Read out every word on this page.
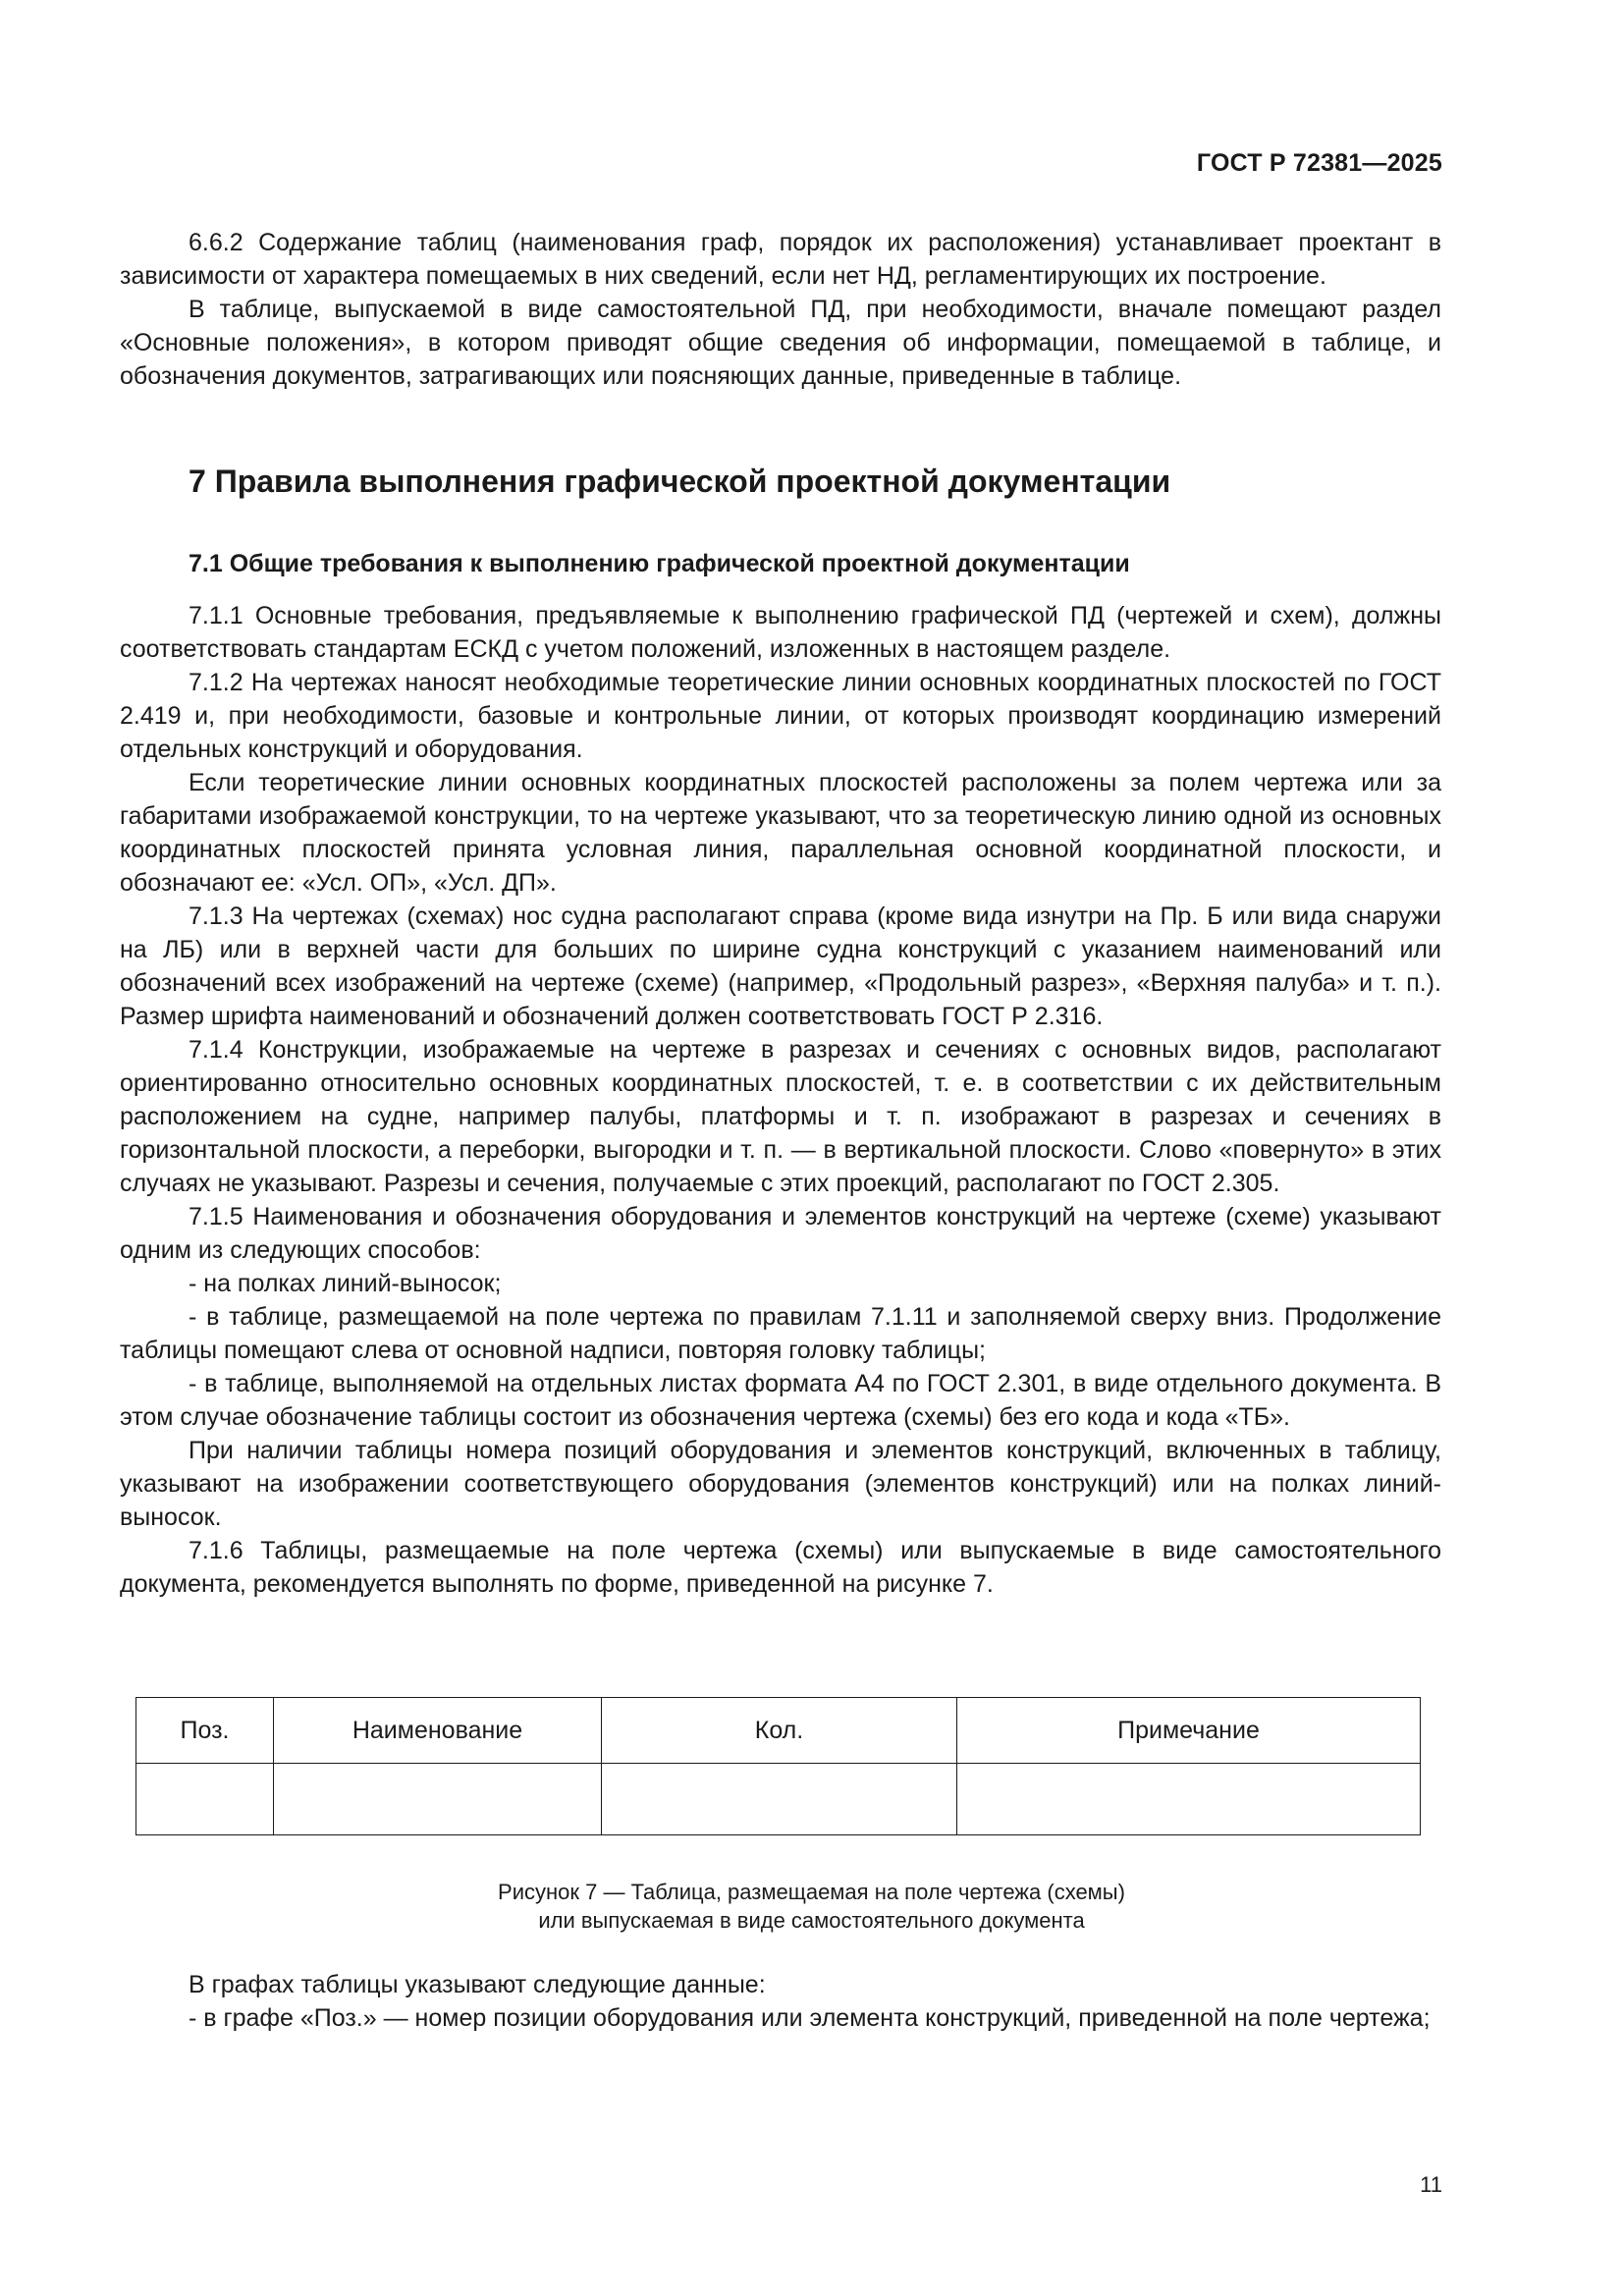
ГОСТ Р 72381—2025

6.6.2 Содержание таблиц (наименования граф, порядок их расположения) устанавливает проектант в зависимости от характера помещаемых в них сведений, если нет НД, регламентирующих их построение.

В таблице, выпускаемой в виде самостоятельной ПД, при необходимости, вначале помещают раздел «Основные положения», в котором приводят общие сведения об информации, помещаемой в таблице, и обозначения документов, затрагивающих или поясняющих данные, приведенные в таблице.

7 Правила выполнения графической проектной документации
7.1 Общие требования к выполнению графической проектной документации

7.1.1 Основные требования, предъявляемые к выполнению графической ПД (чертежей и схем), должны соответствовать стандартам ЕСКД с учетом положений, изложенных в настоящем разделе.

7.1.2 На чертежах наносят необходимые теоретические линии основных координатных плоскостей по ГОСТ 2.419 и, при необходимости, базовые и контрольные линии, от которых производят координацию измерений отдельных конструкций и оборудования.

Если теоретические линии основных координатных плоскостей расположены за полем чертежа или за габаритами изображаемой конструкции, то на чертеже указывают, что за теоретическую линию одной из основных координатных плоскостей принята условная линия, параллельная основной координатной плоскости, и обозначают ее: «Усл. ОП», «Усл. ДП».

7.1.3 На чертежах (схемах) нос судна располагают справа (кроме вида изнутри на Пр. Б или вида снаружи на ЛБ) или в верхней части для больших по ширине судна конструкций с указанием наименований или обозначений всех изображений на чертеже (схеме) (например, «Продольный разрез», «Верхняя палуба» и т. п.). Размер шрифта наименований и обозначений должен соответствовать ГОСТ Р 2.316.

7.1.4 Конструкции, изображаемые на чертеже в разрезах и сечениях с основных видов, располагают ориентированно относительно основных координатных плоскостей, т. е. в соответствии с их действительным расположением на судне, например палубы, платформы и т. п. изображают в разрезах и сечениях в горизонтальной плоскости, а переборки, выгородки и т. п. — в вертикальной плоскости. Слово «повернуто» в этих случаях не указывают. Разрезы и сечения, получаемые с этих проекций, располагают по ГОСТ 2.305.

7.1.5 Наименования и обозначения оборудования и элементов конструкций на чертеже (схеме) указывают одним из следующих способов:

- на полках линий-выносок;

- в таблице, размещаемой на поле чертежа по правилам 7.1.11 и заполняемой сверху вниз. Продолжение таблицы помещают слева от основной надписи, повторяя головку таблицы;

- в таблице, выполняемой на отдельных листах формата А4 по ГОСТ 2.301, в виде отдельного документа. В этом случае обозначение таблицы состоит из обозначения чертежа (схемы) без его кода и кода «ТБ».

При наличии таблицы номера позиций оборудования и элементов конструкций, включенных в таблицу, указывают на изображении соответствующего оборудования (элементов конструкций) или на полках линий-выносок.

7.1.6 Таблицы, размещаемые на поле чертежа (схемы) или выпускаемые в виде самостоятельного документа, рекомендуется выполнять по форме, приведенной на рисунке 7.

Поз.	Наименование	Кол.	Примечание

Рисунок 7 — Таблица, размещаемая на поле чертежа (схемы)
или выпускаемая в виде самостоятельного документа

В графах таблицы указывают следующие данные:

- в графе «Поз.» — номер позиции оборудования или элемента конструкций, приведенной на поле чертежа;

11
